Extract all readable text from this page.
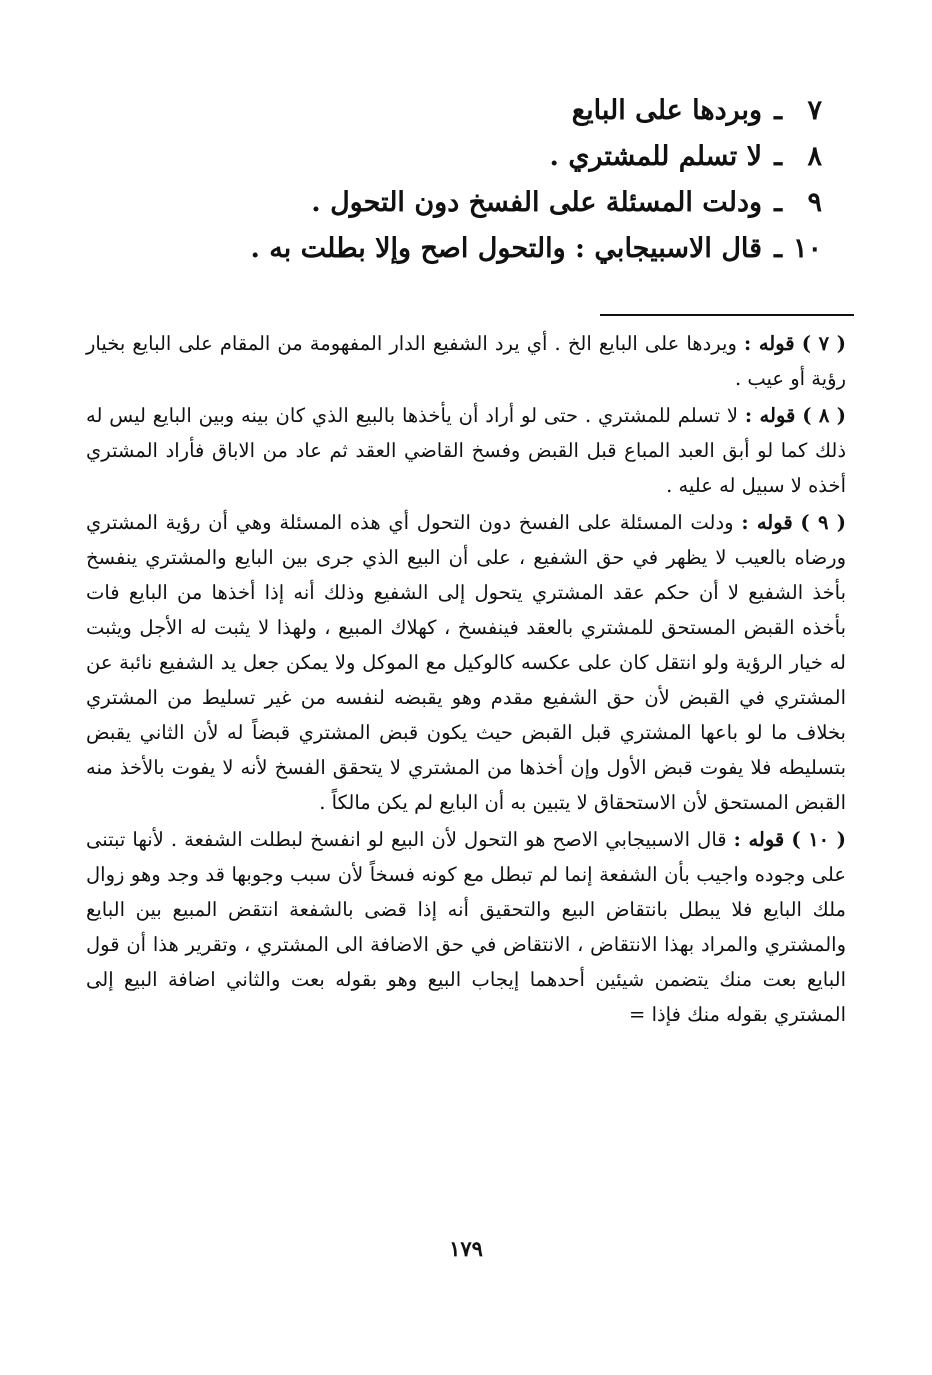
٧ـوبردها على البايع
٨ـلا تسلم للمشتري .
٩ـودلت المسئلة على الفسخ دون التحول .
١٠ـقال الاسبيجابي : والتحول اصح وإلا بطلت به .

( ٧ ) قوله : ويردها على البايع الخ . أي يرد الشفيع الدار المفهومة من المقام على البايع بخيار رؤية أو عيب .

( ٨ ) قوله : لا تسلم للمشتري . حتى لو أراد أن يأخذها بالبيع الذي كان بينه وبين البايع ليس له ذلك كما لو أبق العبد المباع قبل القبض وفسخ القاضي العقد ثم عاد من الاباق فأراد المشتري أخذه لا سبيل له عليه .

( ٩ ) قوله : ودلت المسئلة على الفسخ دون التحول أي هذه المسئلة وهي أن رؤية المشتري ورضاه بالعيب لا يظهر في حق الشفيع ، على أن البيع الذي جرى بين البايع والمشتري ينفسخ بأخذ الشفيع لا أن حكم عقد المشتري يتحول إلى الشفيع وذلك أنه إذا أخذها من البايع فات بأخذه القبض المستحق للمشتري بالعقد فينفسخ ، كهلاك المبيع ، ولهذا لا يثبت له الأجل ويثبت له خيار الرؤية ولو انتقل كان على عكسه كالوكيل مع الموكل ولا يمكن جعل يد الشفيع نائبة عن المشتري في القبض لأن حق الشفيع مقدم وهو يقبضه لنفسه من غير تسليط من المشتري بخلاف ما لو باعها المشتري قبل القبض حيث يكون قبض المشتري قبضاً له لأن الثاني يقبض بتسليطه فلا يفوت قبض الأول وإن أخذها من المشتري لا يتحقق الفسخ لأنه لا يفوت بالأخذ منه القبض المستحق لأن الاستحقاق لا يتبين به أن البايع لم يكن مالكاً .

( ١٠ ) قوله : قال الاسبيجابي الاصح هو التحول لأن البيع لو انفسخ لبطلت الشفعة . لأنها تبتنى على وجوده واجيب بأن الشفعة إنما لم تبطل مع كونه فسخاً لأن سبب وجوبها قد وجد وهو زوال ملك البايع فلا يبطل بانتقاض البيع والتحقيق أنه إذا قضى بالشفعة انتقض المبيع بين البايع والمشتري والمراد بهذا الانتقاض ، الانتقاض في حق الاضافة الى المشتري ، وتقرير هذا أن قول البايع بعت منك يتضمن شيئين أحدهما إيجاب البيع وهو بقوله بعت والثاني اضافة البيع إلى المشتري بقوله منك فإذا =

١٧٩
